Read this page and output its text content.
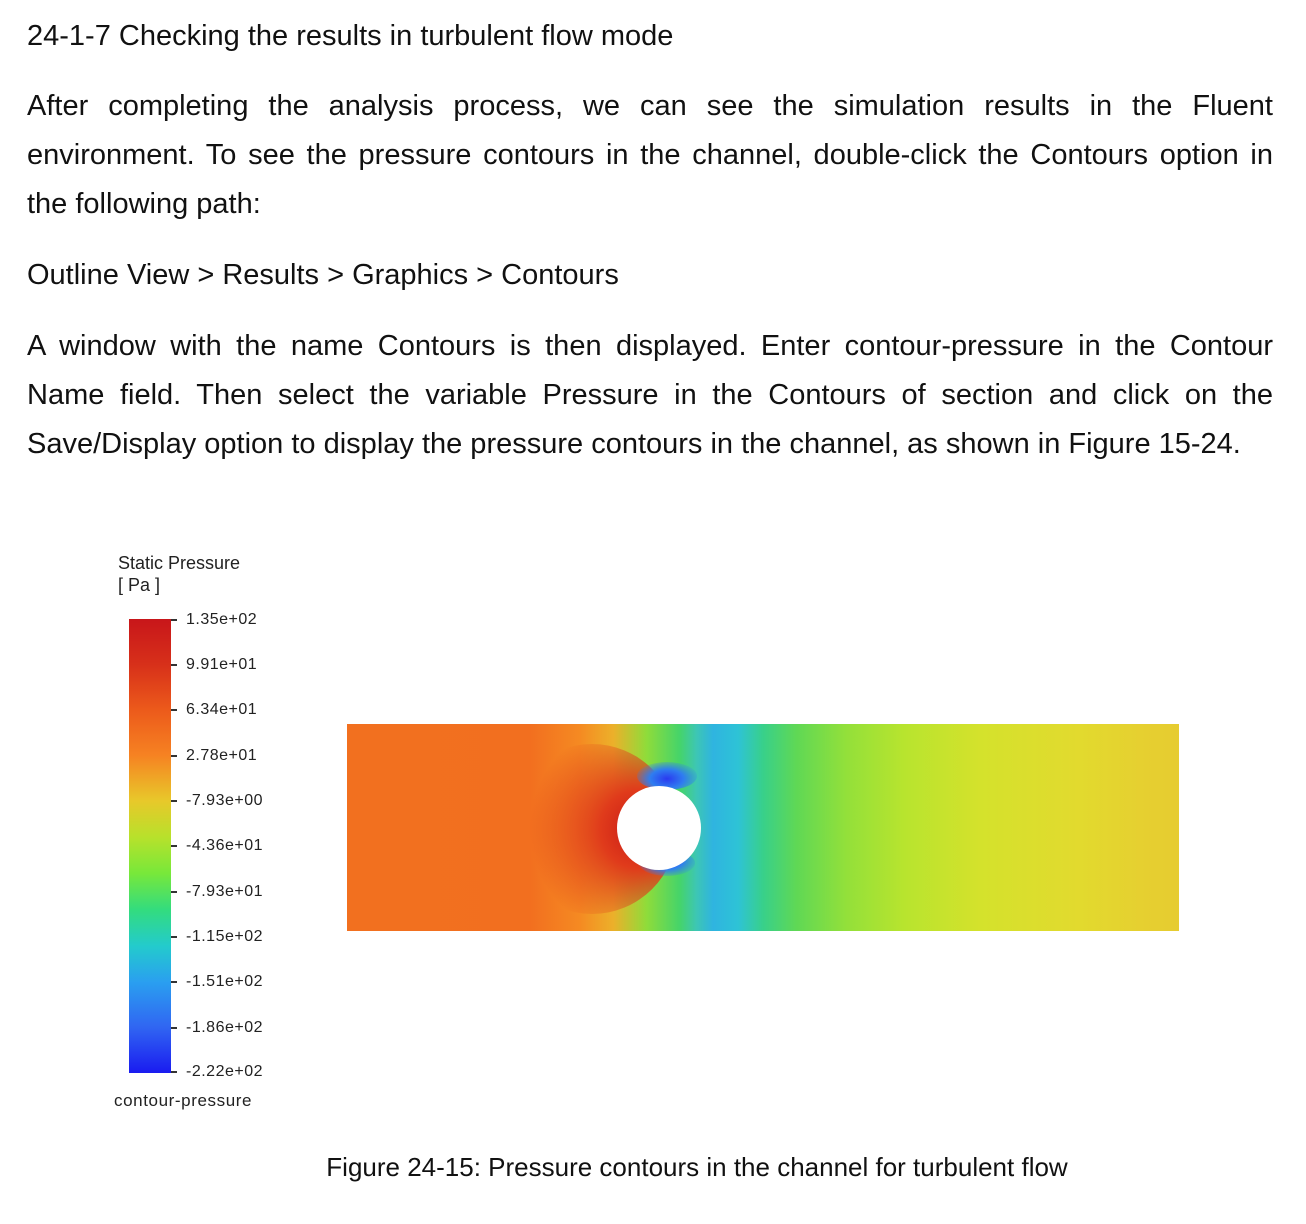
24-1-7 Checking the results in turbulent flow mode

After completing the analysis process, we can see the simulation results in the Fluent environment. To see the pressure contours in the channel, double-click the Contours option in the following path:

Outline View > Results > Graphics > Contours

A window with the name Contours is then displayed. Enter contour-pressure in the Contour Name field. Then select the variable Pressure in the Contours of section and click on the Save/Display option to display the pressure contours in the channel, as shown in Figure 15-24.

Static Pressure
[ Pa ]
1.35e+02
9.91e+01
6.34e+01
2.78e+01
-7.93e+00
-4.36e+01
-7.93e+01
-1.15e+02
-1.51e+02
-1.86e+02
-2.22e+02
contour-pressure
Figure 24-15: Pressure contours in the channel for turbulent flow
